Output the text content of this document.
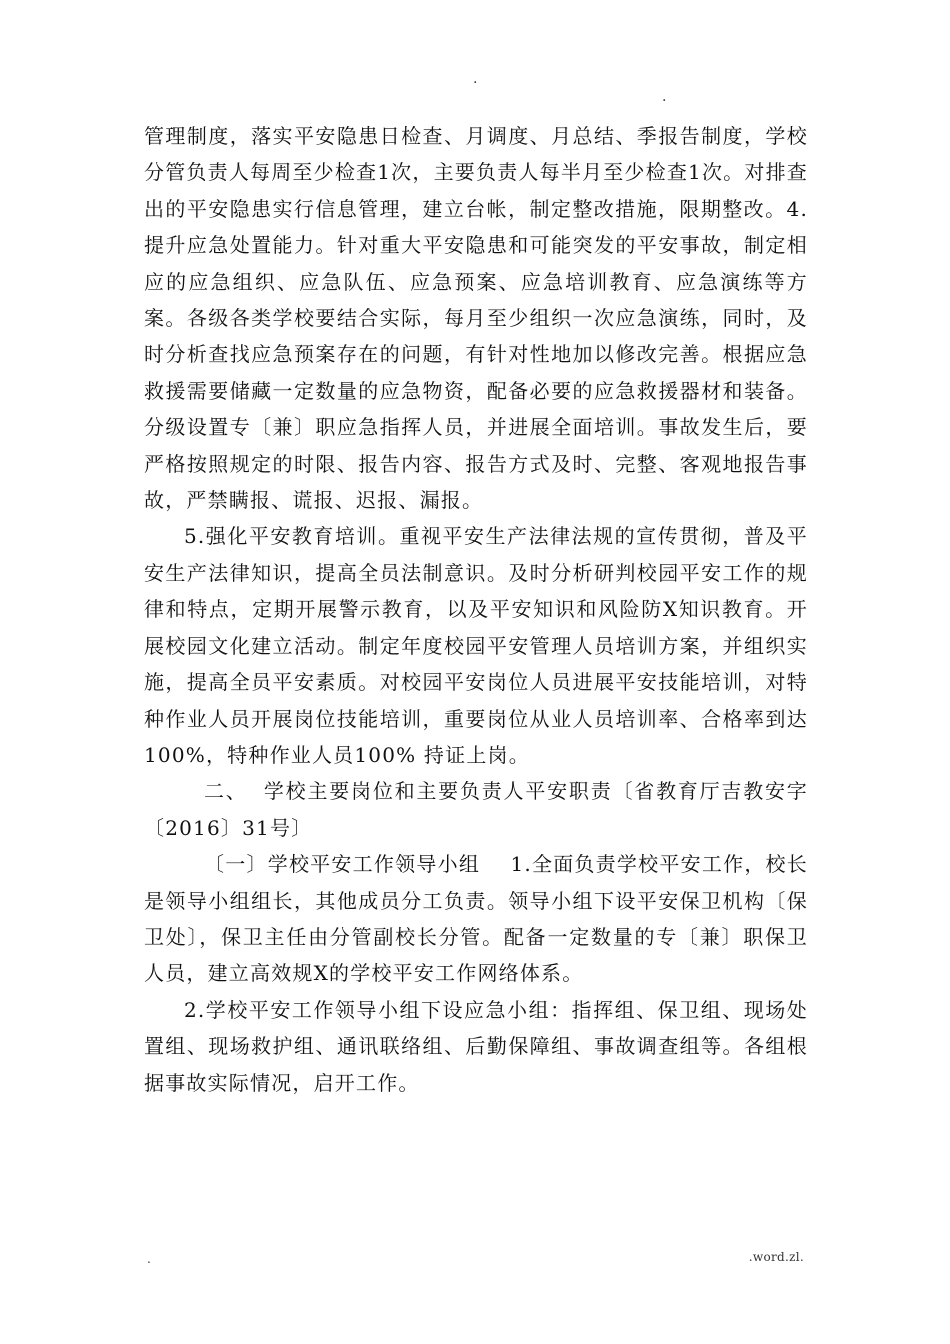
.
.

管理制度，落实平安隐患日检查、月调度、月总结、季报告制度，学校分管负责人每周至少检查1次，主要负责人每半月至少检查1次。对排查出的平安隐患实行信息管理，建立台帐，制定整改措施，限期整改。4.提升应急处置能力。针对重大平安隐患和可能突发的平安事故，制定相应的应急组织、应急队伍、应急预案、应急培训教育、应急演练等方案。各级各类学校要结合实际，每月至少组织一次应急演练，同时，及时分析查找应急预案存在的问题，有针对性地加以修改完善。根据应急救援需要储藏一定数量的应急物资，配备必要的应急救援器材和装备。分级设置专〔兼〕职应急指挥人员，并进展全面培训。事故发生后，要严格按照规定的时限、报告内容、报告方式及时、完整、客观地报告事故，严禁瞒报、谎报、迟报、漏报。

5.强化平安教育培训。重视平安生产法律法规的宣传贯彻，普及平安生产法律知识，提高全员法制意识。及时分析研判校园平安工作的规律和特点，定期开展警示教育，以及平安知识和风险防X知识教育。开展校园文化建立活动。制定年度校园平安管理人员培训方案，并组织实施，提高全员平安素质。对校园平安岗位人员进展平安技能培训，对特种作业人员开展岗位技能培训，重要岗位从业人员培训率、合格率到达100%，特种作业人员100% 持证上岗。

二、  学校主要岗位和主要负责人平安职责〔省教育厅吉教安字〔2016〕31号〕

〔一〕学校平安工作领导小组    1.全面负责学校平安工作，校长是领导小组组长，其他成员分工负责。领导小组下设平安保卫机构〔保卫处〕，保卫主任由分管副校长分管。配备一定数量的专〔兼〕职保卫人员，建立高效规X的学校平安工作网络体系。

2.学校平安工作领导小组下设应急小组：指挥组、保卫组、现场处置组、现场救护组、通讯联络组、后勤保障组、事故调查组等。各组根据事故实际情况，启开工作。

.	.word.zl.
